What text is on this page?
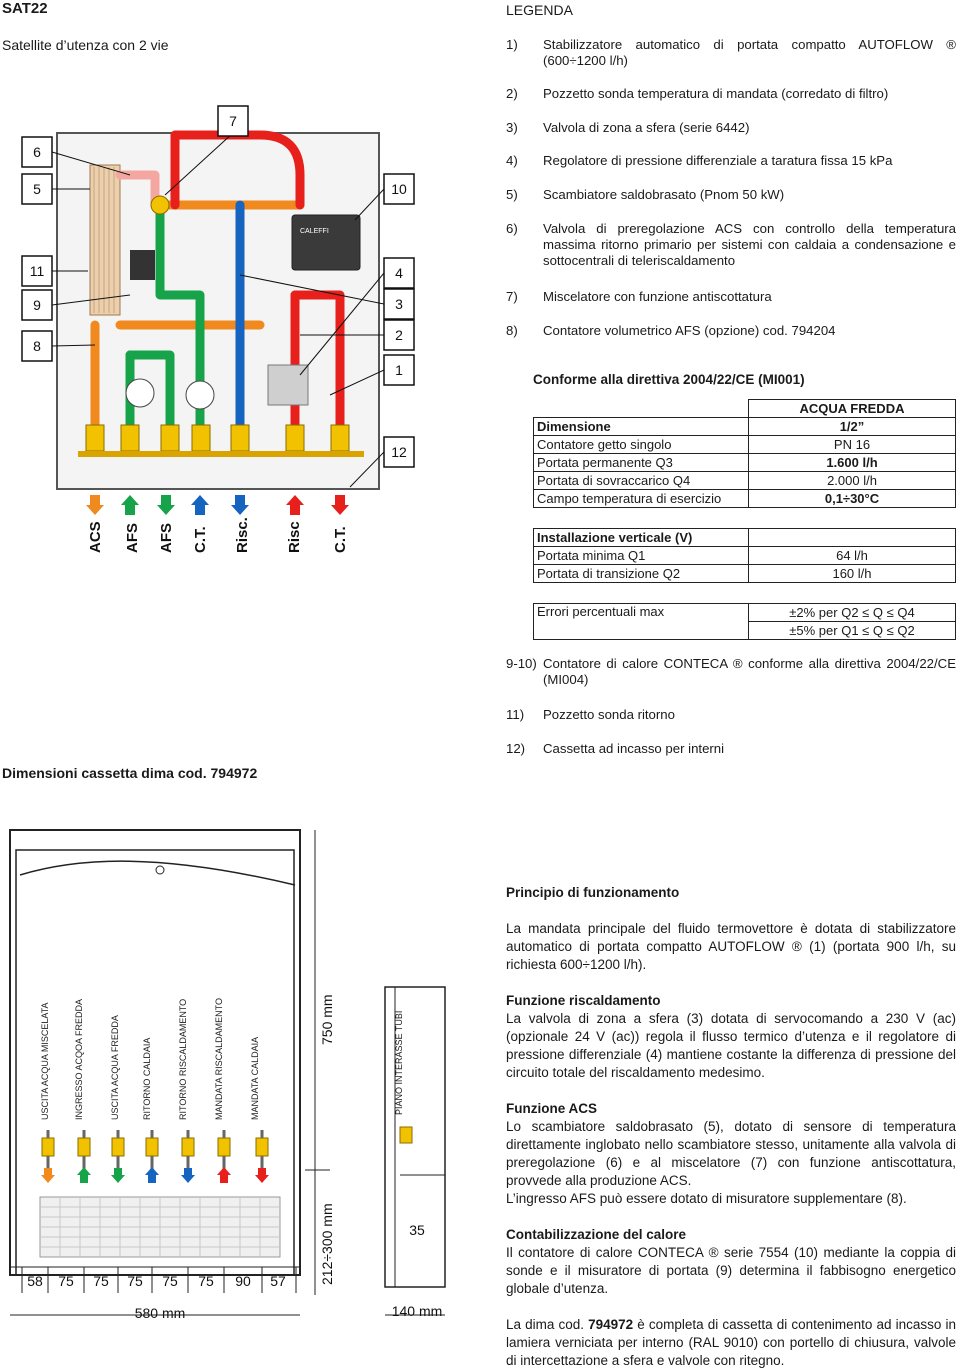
SAT22
Satellite d’utenza con 2 vie
LEGENDA
1)	Stabilizzatore automatico di portata compatto AUTOFLOW ® (600÷1200 l/h)
2)	Pozzetto sonda temperatura di mandata (corredato di filtro)
3)	Valvola di zona a sfera (serie 6442)
4)	Regolatore di pressione differenziale a taratura fissa 15 kPa
5)	Scambiatore saldobrasato (Pnom 50 kW)
6)	Valvola di preregolazione ACS con controllo della temperatura massima ritorno primario per sistemi con caldaia a condensazione e sottocentrali di teleriscaldamento
7)	Miscelatore con funzione antiscottatura
8)	Contatore volumetrico AFS (opzione) cod. 794204
Conforme alla direttiva 2004/22/CE (MI001)
	ACQUA FREDDA
Dimensione	1/2”
Contatore getto singolo	PN 16
Portata permanente Q3	1.600 l/h
Portata di sovraccarico Q4	2.000 l/h
Campo temperatura di esercizio	0,1÷30°C
Installazione verticale (V)	
Portata minima Q1	64 l/h
Portata di transizione Q2	160 l/h
Errori percentuali max	±2% per Q2 ≤ Q ≤ Q4
±5% per Q1 ≤ Q ≤ Q2
9-10) Contatore di calore CONTECA ® conforme alla direttiva 2004/22/CE (MI004)
11)	Pozzetto sonda ritorno
12)	Cassetta ad incasso per interni
CALEFFI
ACS AFS AFS C.T. Risc. Risc C.T.
6
5
11
9
8
7
10
4
3
2
1
12
Dimensioni cassetta dima cod. 794972
USCITA ACQUA MISCELATA	INGRESSO ACQOA FREDDA	USCITA ACQUA FREDDA RITORNO CALDAIA	RITORNO RISCALDAMENTO	MANDATA RISCALDAMENTO	MANDATA CALDAIA
58 75 75 75 75 75 90 57
580 mm
750 mm
212÷300 mm
PIANO INTERASSE TUBI
35
140 mm
Principio di funzionamento

La mandata principale del fluido termovettore è dotata di stabilizzatore automatico di portata compatto AUTOFLOW ® (1) (portata 900 l/h, su richiesta 600÷1200 l/h).

Funzione riscaldamento

La valvola di zona a sfera (3) dotata di servocomando a 230 V (ac) (opzionale 24 V (ac)) regola il flusso termico d’utenza e il regolatore di pressione differenziale (4) mantiene costante la differenza di pressione del circuito totale del riscaldamento medesimo.

Funzione ACS

Lo scambiatore saldobrasato (5), dotato di sensore di temperatura direttamente inglobato nello scambiatore stesso, unitamente alla valvola di preregolazione (6) e al miscelatore (7) con funzione antiscottatura, provvede alla produzione ACS.

L’ingresso AFS può essere dotato di misuratore supplementare (8).

Contabilizzazione del calore

Il contatore di calore CONTECA ® serie 7554 (10) mediante la coppia di sonde e il misuratore di portata (9) determina il fabbisogno energetico globale d’utenza.

La dima cod. 794972 è completa di cassetta di contenimento ad incasso in lamiera verniciata per interno (RAL 9010) con portello di chiusura, valvole di intercettazione a sfera e valvole con ritegno.
